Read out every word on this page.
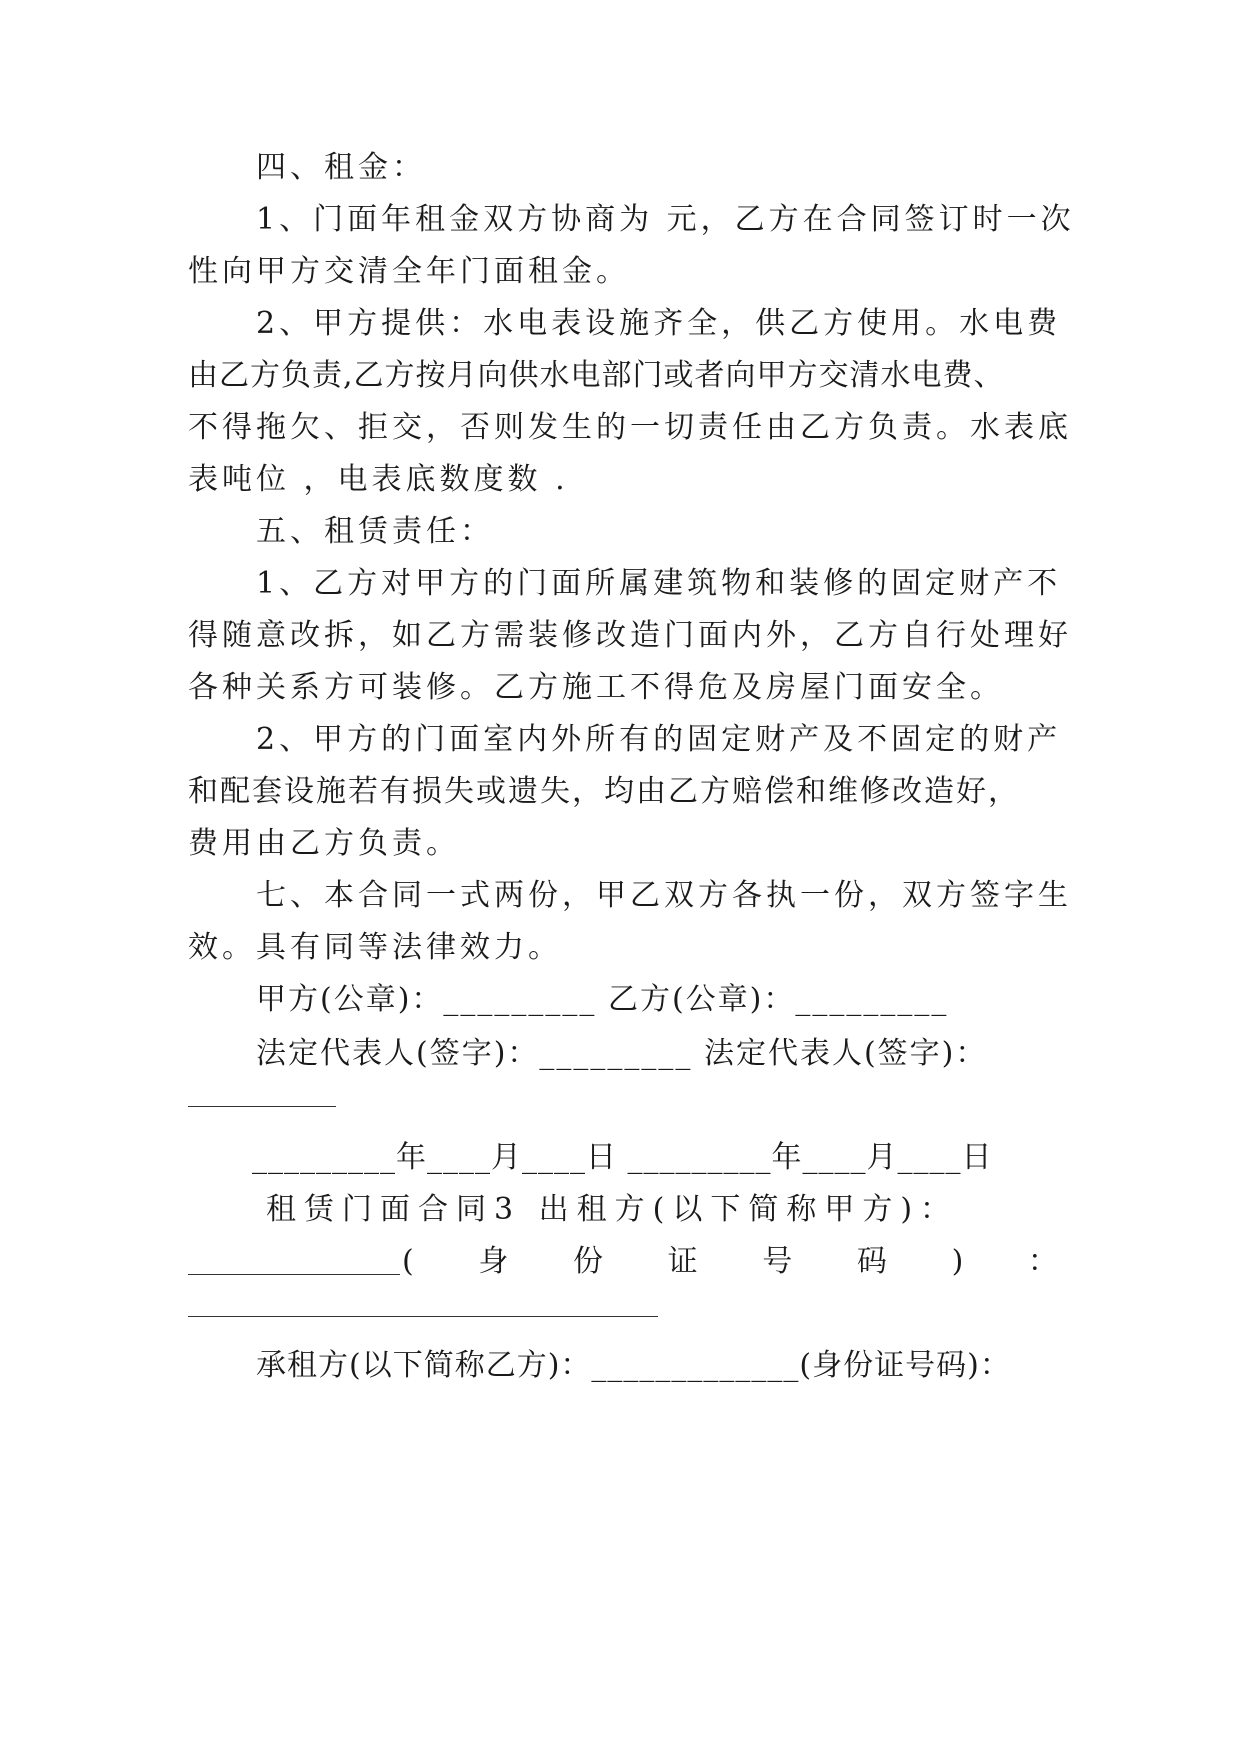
四、租金：
1、门面年租金双方协商为 元，乙方在合同签订时一次
性向甲方交清全年门面租金。
2、甲方提供：水电表设施齐全，供乙方使用。水电费
由乙方负责,乙方按月向供水电部门或者向甲方交清水电费、
不得拖欠、拒交，否则发生的一切责任由乙方负责。水表底
表吨位 ，电表底数度数 .
五、租赁责任：
1、乙方对甲方的门面所属建筑物和装修的固定财产不
得随意改拆，如乙方需装修改造门面内外，乙方自行处理好
各种关系方可装修。乙方施工不得危及房屋门面安全。
2、甲方的门面室内外所有的固定财产及不固定的财产
和配套设施若有损失或遗失，均由乙方赔偿和维修改造好，
费用由乙方负责。
七、本合同一式两份，甲乙双方各执一份，双方签字生
效。具有同等法律效力。
甲方(公章)：_________ 乙方(公章)：_________
法定代表人(签字)：_________ 法定代表人(签字)：
_________年____月____日 _________年____月____日
租赁门面合同3 出租方(以下简称甲方)：
( 身 份 证 号 码 ) ：
承租方(以下简称乙方)：_____________(身份证号码)：
